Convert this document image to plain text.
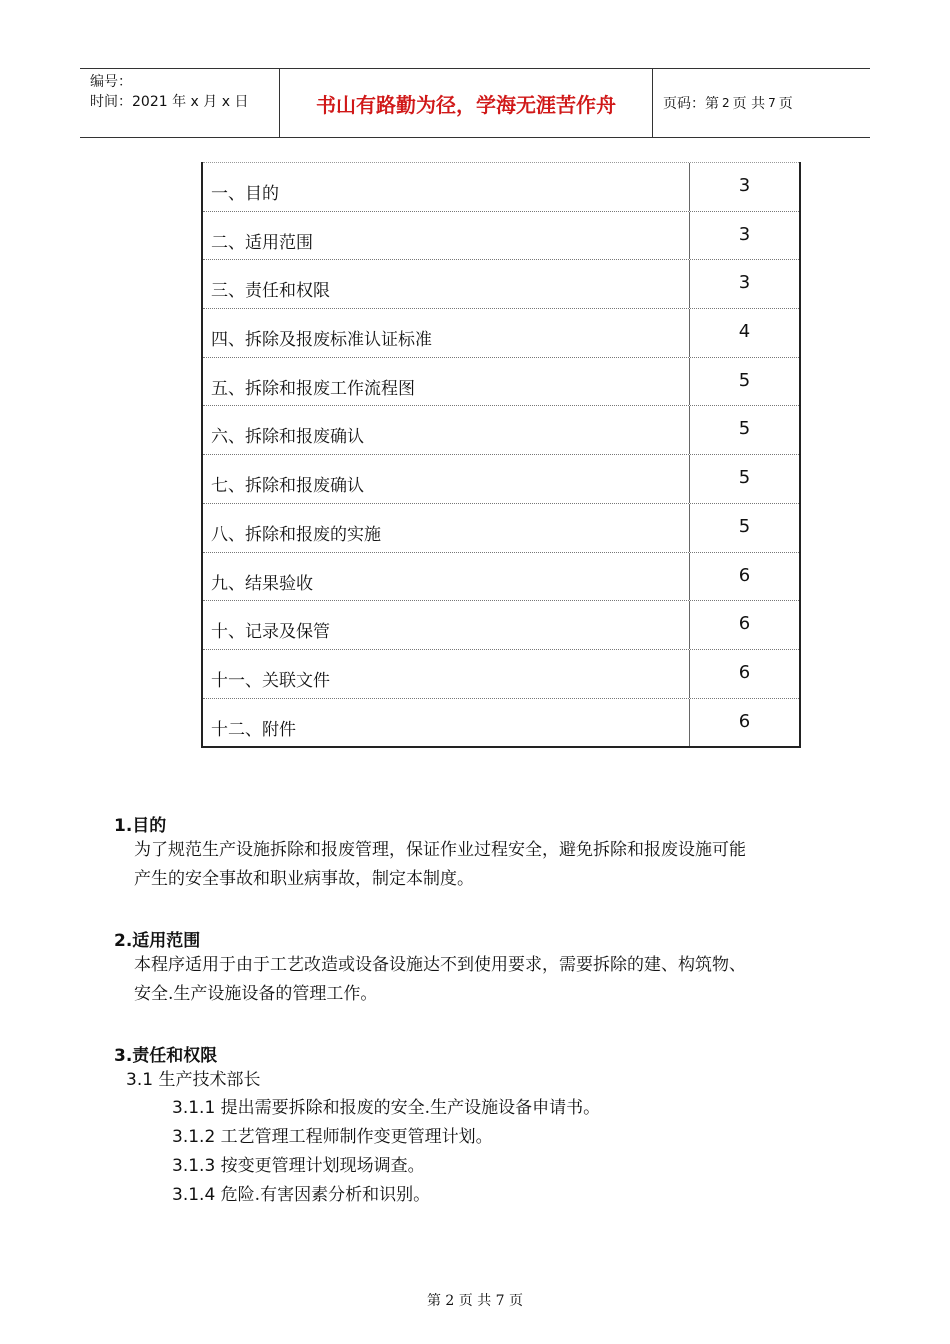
编号：
时间：2021 年 x 月 x 日	书山有路勤为径，学海无涯苦作舟	页码：第 2 页 共 7 页
一、目的	3
二、适用范围	3
三、责任和权限	3
四、拆除及报废标准认证标准	4
五、拆除和报废工作流程图	5
六、拆除和报废确认	5
七、拆除和报废确认	5
八、拆除和报废的实施	5
九、结果验收	6
十、记录及保管	6
十一、关联文件	6
十二、附件	6
1.目的
为了规范生产设施拆除和报废管理，保证作业过程安全，避免拆除和报废设施可能
产生的安全事故和职业病事故，制定本制度。
2.适用范围
本程序适用于由于工艺改造或设备设施达不到使用要求，需要拆除的建、构筑物、
安全.生产设施设备的管理工作。
3.责任和权限
3.1 生产技术部长
3.1.1 提出需要拆除和报废的安全.生产设施设备申请书。
3.1.2 工艺管理工程师制作变更管理计划。
3.1.3 按变更管理计划现场调查。
3.1.4 危险.有害因素分析和识别。
第 2 页 共 7 页
